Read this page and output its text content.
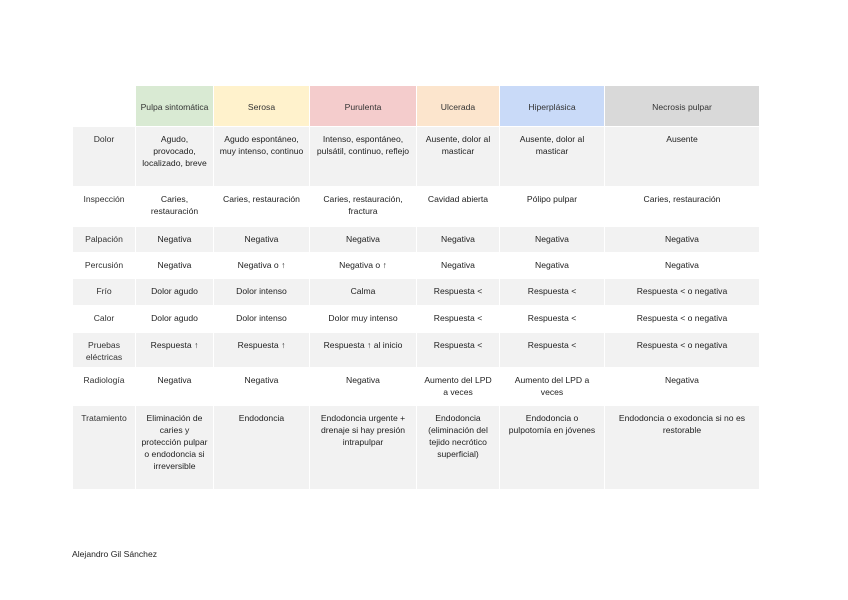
	Pulpa sintomática	Serosa	Purulenta	Ulcerada	Hiperplásica	Necrosis pulpar
Dolor	Agudo, provocado, localizado, breve	Agudo espontáneo, muy intenso, continuo	Intenso, espontáneo, pulsátil, continuo, reflejo	Ausente, dolor al masticar	Ausente, dolor al masticar	Ausente
Inspección	Caries, restauración	Caries, restauración	Caries, restauración, fractura	Cavidad abierta	Pólipo pulpar	Caries, restauración
Palpación	Negativa	Negativa	Negativa	Negativa	Negativa	Negativa
Percusión	Negativa	Negativa o ↑	Negativa o ↑	Negativa	Negativa	Negativa
Frío	Dolor agudo	Dolor intenso	Calma	Respuesta <	Respuesta <	Respuesta < o negativa
Calor	Dolor agudo	Dolor intenso	Dolor muy intenso	Respuesta <	Respuesta <	Respuesta < o negativa
Pruebas eléctricas	Respuesta ↑	Respuesta ↑	Respuesta ↑ al inicio	Respuesta <	Respuesta <	Respuesta < o negativa
Radiología	Negativa	Negativa	Negativa	Aumento del LPD a veces	Aumento del LPD a veces	Negativa
Tratamiento	Eliminación de caries y protección pulpar o endodoncia si irreversible	Endodoncia	Endodoncia urgente + drenaje si hay presión intrapulpar	Endodoncia (eliminación del tejido necrótico superficial)	Endodoncia o pulpotomía en jóvenes	Endodoncia o exodoncia si no es restorable
Alejandro Gil Sánchez
